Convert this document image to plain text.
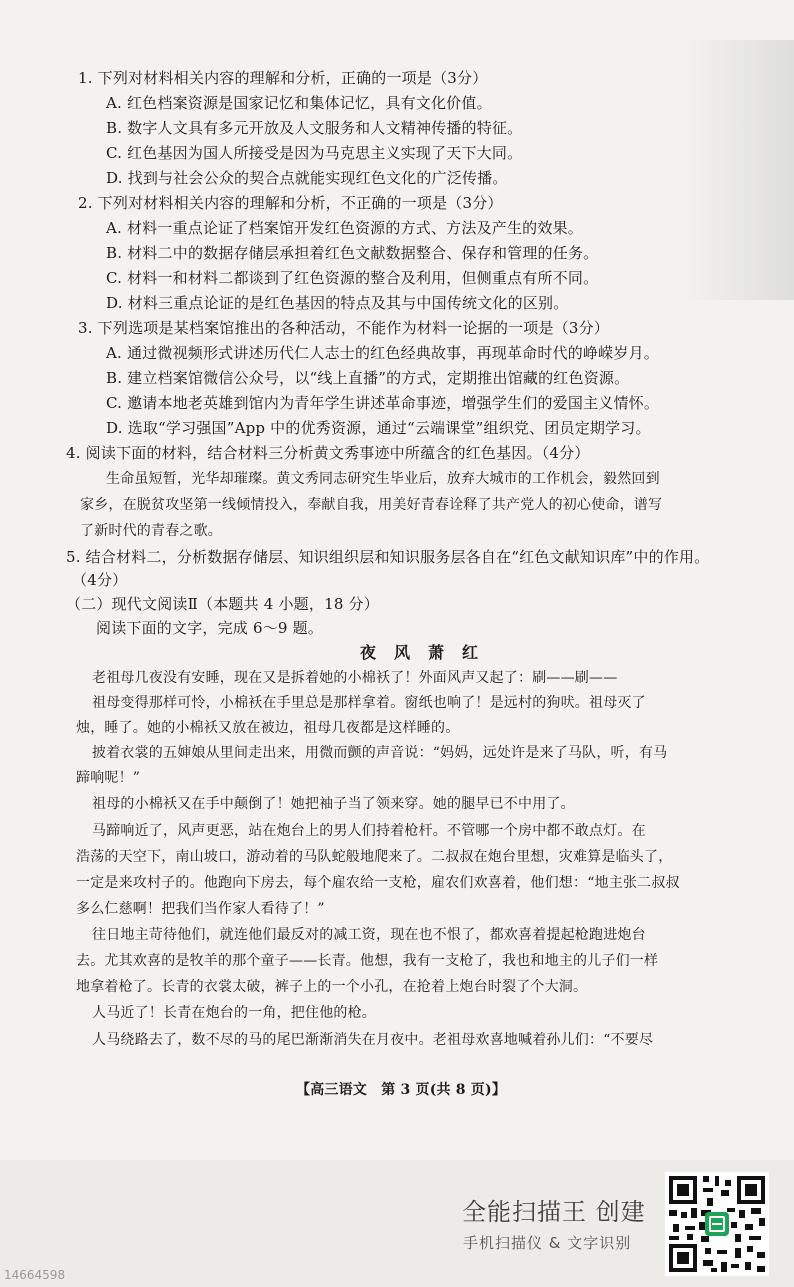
1. 下列对材料相关内容的理解和分析，正确的一项是（3分）
A. 红色档案资源是国家记忆和集体记忆，具有文化价值。
B. 数字人文具有多元开放及人文服务和人文精神传播的特征。
C. 红色基因为国人所接受是因为马克思主义实现了天下大同。
D. 找到与社会公众的契合点就能实现红色文化的广泛传播。
2. 下列对材料相关内容的理解和分析，不正确的一项是（3分）
A. 材料一重点论证了档案馆开发红色资源的方式、方法及产生的效果。
B. 材料二中的数据存储层承担着红色文献数据整合、保存和管理的任务。
C. 材料一和材料二都谈到了红色资源的整合及利用，但侧重点有所不同。
D. 材料三重点论证的是红色基因的特点及其与中国传统文化的区别。
3. 下列选项是某档案馆推出的各种活动，不能作为材料一论据的一项是（3分）
A. 通过微视频形式讲述历代仁人志士的红色经典故事，再现革命时代的峥嵘岁月。
B. 建立档案馆微信公众号，以“线上直播”的方式，定期推出馆藏的红色资源。
C. 邀请本地老英雄到馆内为青年学生讲述革命事迹，增强学生们的爱国主义情怀。
D. 选取“学习强国”App 中的优秀资源，通过“云端课堂”组织党、团员定期学习。
4. 阅读下面的材料，结合材料三分析黄文秀事迹中所蕴含的红色基因。（4分）
生命虽短暂，光华却璀璨。黄文秀同志研究生毕业后，放弃大城市的工作机会，毅然回到
家乡，在脱贫攻坚第一线倾情投入，奉献自我，用美好青春诠释了共产党人的初心使命，谱写
了新时代的青春之歌。
5. 结合材料二，分析数据存储层、知识组织层和知识服务层各自在“红色文献知识库”中的作用。
（4分）
（二）现代文阅读Ⅱ（本题共 4 小题，18 分）
阅读下面的文字，完成 6～9 题。
夜风萧红
老祖母几夜没有安睡，现在又是拆着她的小棉袄了！外面风声又起了：刷——刷——
祖母变得那样可怜，小棉袄在手里总是那样拿着。窗纸也响了！是远村的狗吠。祖母灭了
烛，睡了。她的小棉袄又放在被边，祖母几夜都是这样睡的。
披着衣裳的五婶娘从里间走出来，用微而颤的声音说：“妈妈，远处许是来了马队，听，有马
蹄响呢！”
祖母的小棉袄又在手中颠倒了！她把袖子当了领来穿。她的腿早已不中用了。
马蹄响近了，风声更恶，站在炮台上的男人们持着枪杆。不管哪一个房中都不敢点灯。在
浩荡的天空下，南山坡口，游动着的马队蛇般地爬来了。二叔叔在炮台里想，灾难算是临头了，
一定是来攻村子的。他跑向下房去，每个雇农给一支枪，雇农们欢喜着，他们想：“地主张二叔叔
多么仁慈啊！把我们当作家人看待了！”
往日地主苛待他们，就连他们最反对的减工资，现在也不恨了，都欢喜着提起枪跑进炮台
去。尤其欢喜的是牧羊的那个童子——长青。他想，我有一支枪了，我也和地主的儿子们一样
地拿着枪了。长青的衣裳太破，裤子上的一个小孔，在抢着上炮台时裂了个大洞。
人马近了！长青在炮台的一角，把住他的枪。
人马绕路去了，数不尽的马的尾巴渐渐消失在月夜中。老祖母欢喜地喊着孙儿们：“不要尽
【高三语文　第 3 页(共 8 页)】
全能扫描王 创建
手机扫描仪 & 文字识别
14664598
